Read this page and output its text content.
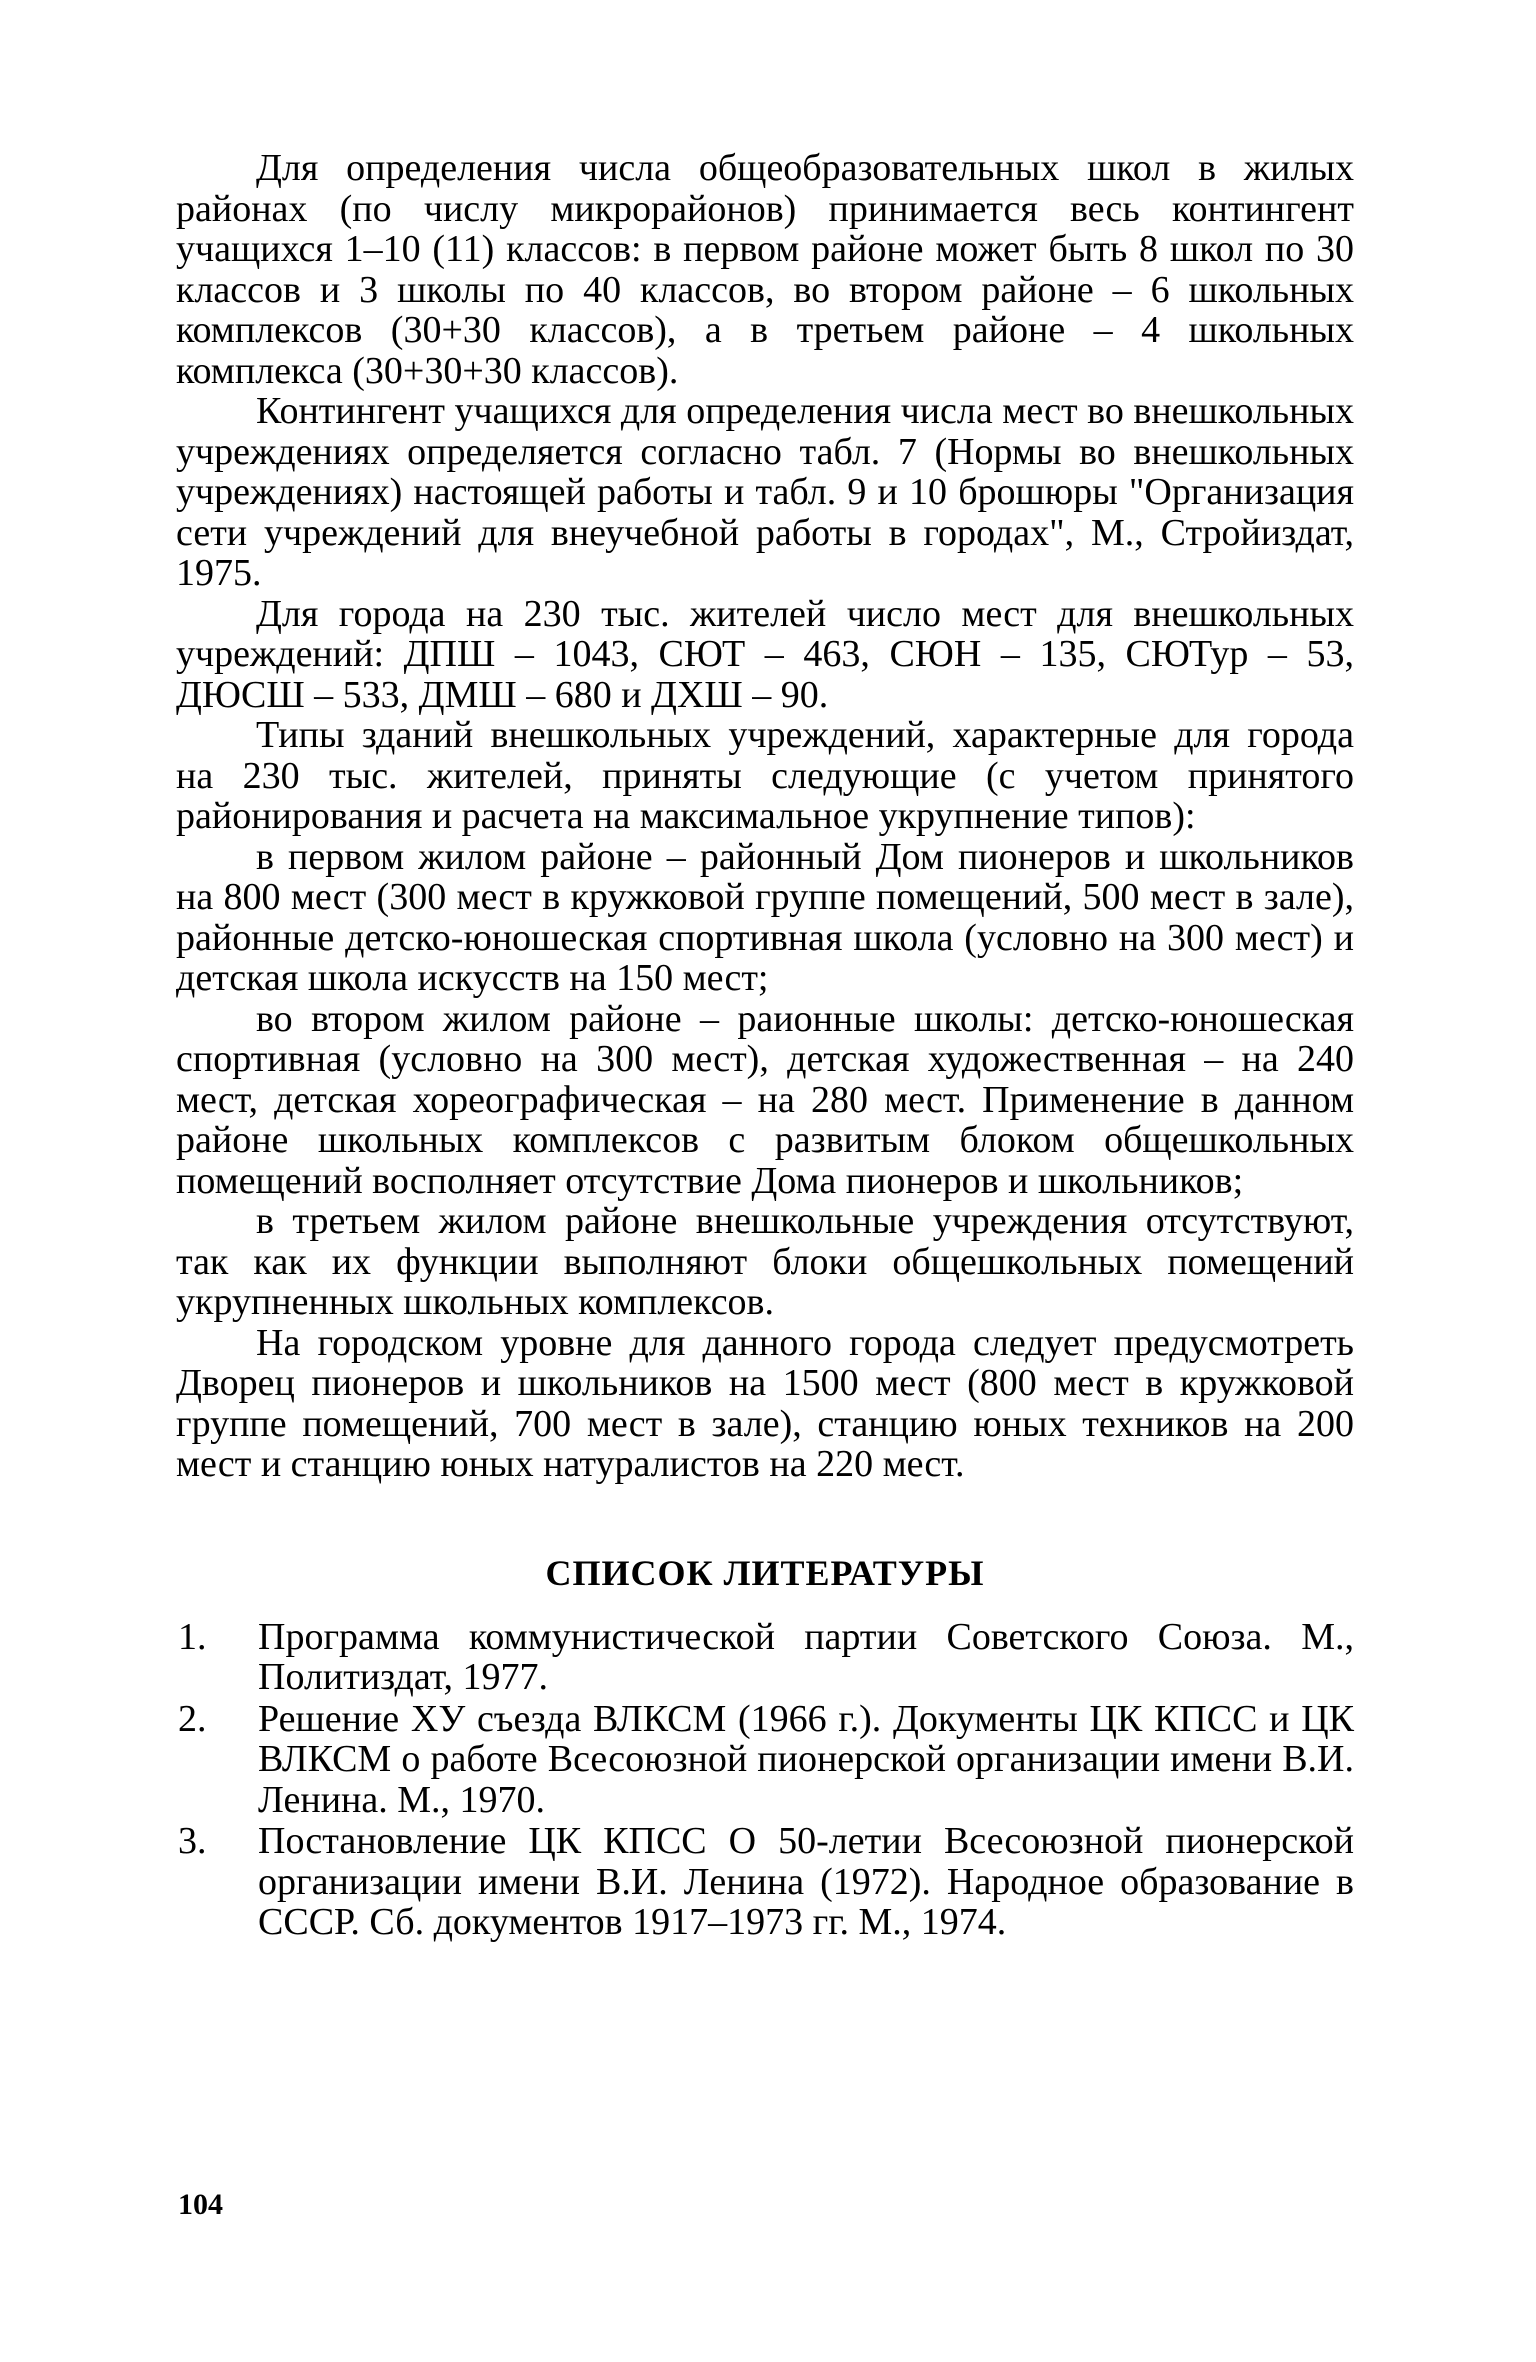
Для определения числа общеобразовательных школ в жилых районах (по числу микрорайонов) принимается весь контингент учащихся 1–10 (11) классов: в первом районе может быть 8 школ по 30 классов и 3 школы по 40 классов, во втором районе – 6 школьных комплексов (30+30 классов), а в третьем районе – 4 школьных комплекса (30+30+30 классов).

Контингент учащихся для определения числа мест во внешкольных учреждениях определяется согласно табл. 7 (Нормы во внешкольных учреждениях) настоящей работы и табл. 9 и 10 брошюры "Организация сети учреждений для внеучебной работы в городах", М., Стройиздат, 1975.

Для города на 230 тыс. жителей число мест для внешкольных учреждений: ДПШ – 1043, СЮТ – 463, СЮН – 135, СЮТур – 53, ДЮСШ – 533, ДМШ – 680 и ДХШ – 90.

Типы зданий внешкольных учреждений, характерные для города на 230 тыс. жителей, приняты следующие (с учетом принятого районирования и расчета на максимальное укрупнение типов):

в первом жилом районе – районный Дом пионеров и школьников на 800 мест (300 мест в кружковой группе помещений, 500 мест в зале), районные детско-юношеская спортивная школа (условно на 300 мест) и детская школа искусств на 150 мест;

во втором жилом районе – раионные школы: детско-юношеская спортивная (условно на 300 мест), детская художественная – на 240 мест, детская хореографическая – на 280 мест. Применение в данном районе школьных комплексов с развитым блоком общешкольных помещений восполняет отсутствие Дома пионеров и школьников;

в третьем жилом районе внешкольные учреждения отсутствуют, так как их функции выполняют блоки общешкольных помещений укрупненных школьных комплексов.

На городском уровне для данного города следует предусмотреть Дворец пионеров и школьников на 1500 мест (800 мест в кружковой группе помещений, 700 мест в зале), станцию юных техников на 200 мест и станцию юных натуралистов на 220 мест.

СПИСОК ЛИТЕРАТУРЫ
1. Программа коммунистической партии Советского Союза. М., Политиздат, 1977.
2. Решение ХУ съезда ВЛКСМ (1966 г.). Документы ЦК КПСС и ЦК ВЛКСМ о работе Всесоюзной пионерской организации имени В.И. Ленина. М., 1970.
3. Постановление ЦК КПСС О 50-летии Всесоюзной пионерской организации имени В.И. Ленина (1972). Народное образование в СССР. Сб. документов 1917–1973 гг. М., 1974.
104
